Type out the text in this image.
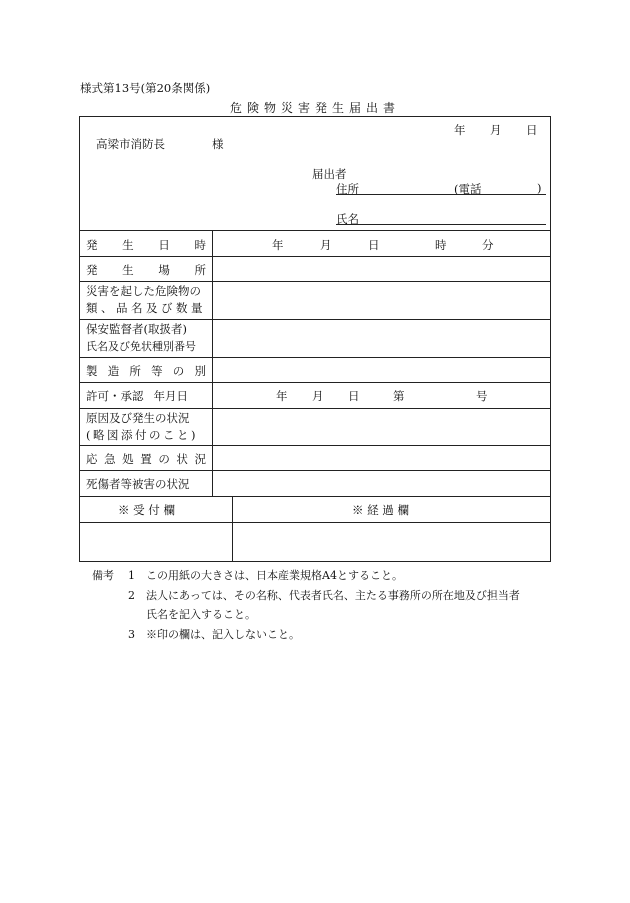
様式第13号(第20条関係)
危険物災害発生届出書
年 月 日
高梁市消防長	様
届出者
住所	(電話	)
氏名
発 生 日 時	年	月	日	時	分
発 生 場 所
災害を起した危険物の
類、品名及び数量
保安監督者(取扱者)
氏名及び免状種別番号
製 造 所 等 の 別
許可・承認 年月日	年 月 日	第	号
原因及び発生の状況
(略図添付のこと)
応 急 処 置 の 状 況
死傷者等被害の状況
※ 受 付 欄	※ 経 過 欄
備考	1	この用紙の大きさは、日本産業規格A4とすること。
2	法人にあっては、その名称、代表者氏名、主たる事務所の所在地及び担当者
氏名を記入すること。
3	※印の欄は、記入しないこと。
